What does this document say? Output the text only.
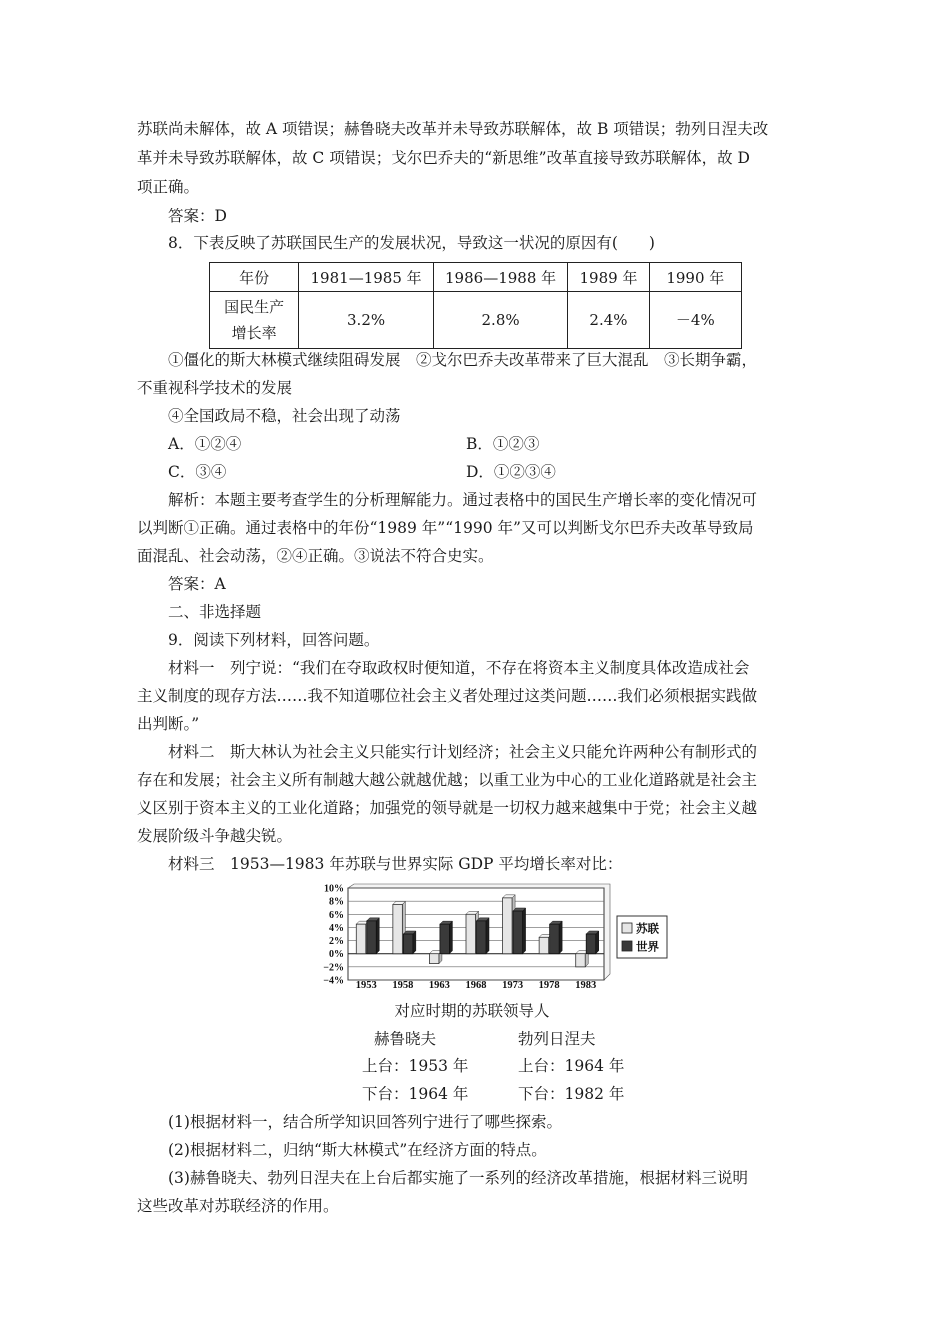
苏联尚未解体，故 A 项错误；赫鲁晓夫改革并未导致苏联解体，故 B 项错误；勃列日涅夫改

革并未导致苏联解体，故 C 项错误；戈尔巴乔夫的“新思维”改革直接导致苏联解体，故 D

项正确。

答案：D

8．下表反映了苏联国民生产的发展状况，导致这一状况的原因有(　　)

年份	1981—1985 年	1986—1988 年	1989 年	1990 年
国民生产
增长率	3.2%	2.8%	2.4%	－4%

①僵化的斯大林模式继续阻碍发展　②戈尔巴乔夫改革带来了巨大混乱　③长期争霸，

不重视科学技术的发展

④全国政局不稳，社会出现了动荡

A．①②④	B．①②③
C．③④	D．①②③④

解析：本题主要考查学生的分析理解能力。通过表格中的国民生产增长率的变化情况可

以判断①正确。通过表格中的年份“1989 年”“1990 年”又可以判断戈尔巴乔夫改革导致局

面混乱、社会动荡，②④正确。③说法不符合史实。

答案：A

二、非选择题

9．阅读下列材料，回答问题。

材料一　列宁说：“我们在夺取政权时便知道，不存在将资本主义制度具体改造成社会

主义制度的现存方法……我不知道哪位社会主义者处理过这类问题……我们必须根据实践做

出判断。”

材料二　斯大林认为社会主义只能实行计划经济；社会主义只能允许两种公有制形式的

存在和发展；社会主义所有制越大越公就越优越；以重工业为中心的工业化道路就是社会主

义区别于资本主义的工业化道路；加强党的领导就是一切权力越来越集中于党；社会主义越

发展阶级斗争越尖锐。

材料三　1953—1983 年苏联与世界实际 GDP 平均增长率对比：

10%
8%
6%
4%
2%
0%
−2%
−4% 1953 1958 1963 1968 1973 1978 1983
苏联
世界
对应时期的苏联领导人
赫鲁晓夫
上台：1953 年
下台：1964 年
勃列日涅夫
上台：1964 年
下台：1982 年

(1)根据材料一，结合所学知识回答列宁进行了哪些探索。

(2)根据材料二，归纳“斯大林模式”在经济方面的特点。

(3)赫鲁晓夫、勃列日涅夫在上台后都实施了一系列的经济改革措施，根据材料三说明

这些改革对苏联经济的作用。
